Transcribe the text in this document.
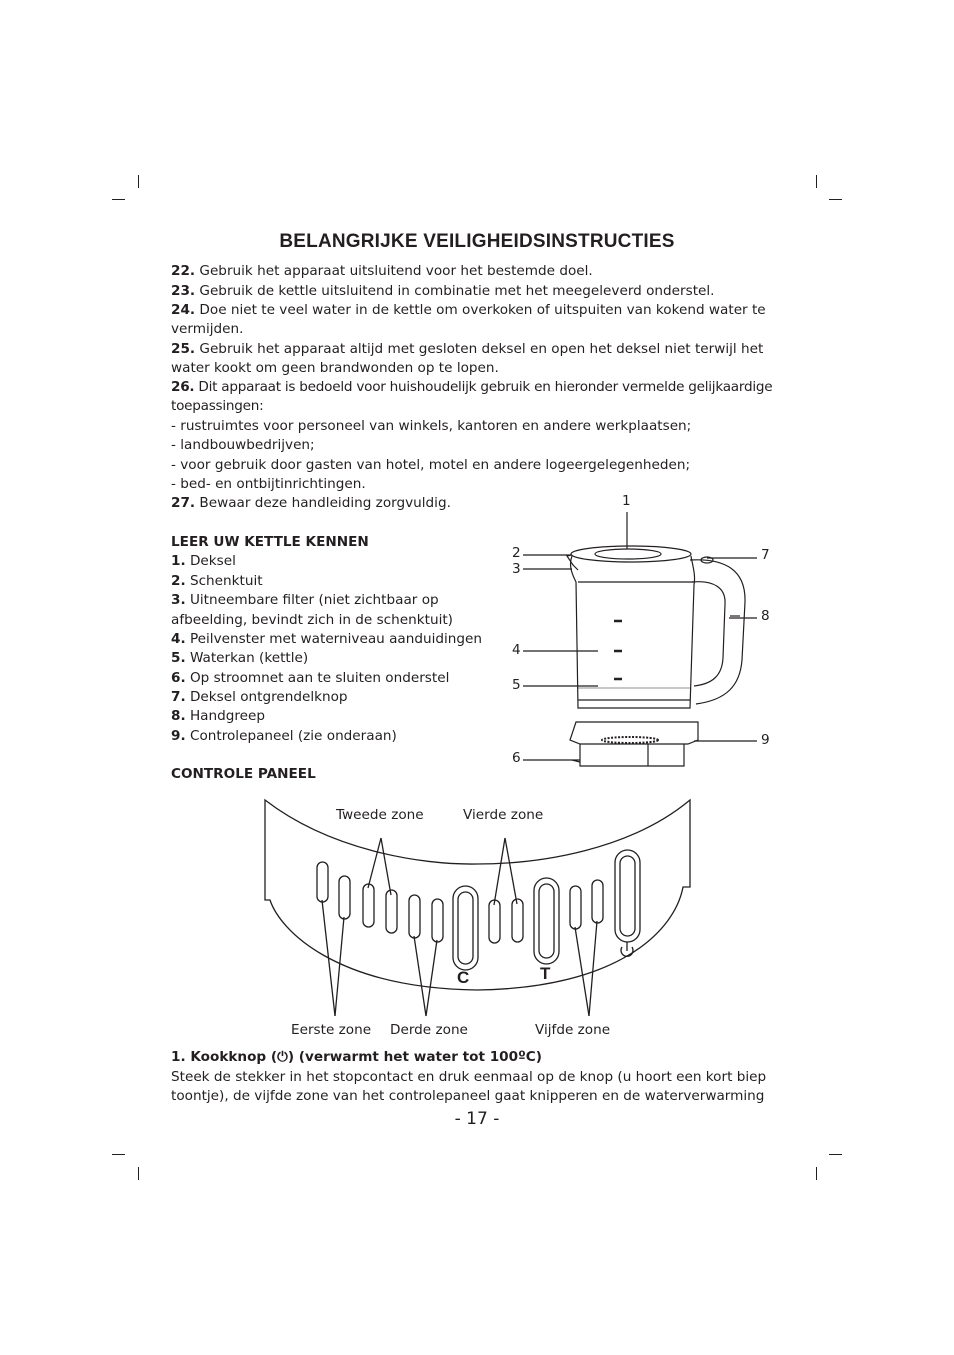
BELANGRIJKE VEILIGHEIDSINSTRUCTIES
22. Gebruik het apparaat uitsluitend voor het bestemde doel.
23. Gebruik de kettle uitsluitend in combinatie met het meegeleverd onderstel.
24. Doe niet te veel water in de kettle om overkoken of uitspuiten van kokend water te vermijden.
25. Gebruik het apparaat altijd met gesloten deksel en open het deksel niet terwijl het water kookt om geen brandwonden op te lopen.
26. Dit apparaat is bedoeld voor huishoudelijk gebruik en hieronder vermelde gelijkaardige toepassingen:
- rustruimtes voor personeel van winkels, kantoren en andere werkplaatsen;
- landbouwbedrijven;
- voor gebruik door gasten van hotel, motel en andere logeergelegenheden;
- bed- en ontbijtinrichtingen.
27. Bewaar deze handleiding zorgvuldig.
LEER UW KETTLE KENNEN
1. Deksel
2. Schenktuit
3. Uitneembare filter (niet zichtbaar op
afbeelding, bevindt zich in de schenktuit)
4. Peilvenster met waterniveau aanduidingen
5. Waterkan (kettle)
6. Op stroomnet aan te sluiten onderstel
7. Deksel ontgrendelknop
8. Handgreep
9. Controlepaneel (zie onderaan)
CONTROLE PANEEL
1
2
3
4
5
6
7
8
9
C	T
Tweede zone	Vierde zone
Eerste zone Derde zone	Vijfde zone
1. Kookknop (⏻) (verwarmt het water tot 100ºC)
Steek de stekker in het stopcontact en druk eenmaal op de knop (u hoort een kort biep toontje), de vijfde zone van het controlepaneel gaat knipperen en de waterverwarming
- 17 -
